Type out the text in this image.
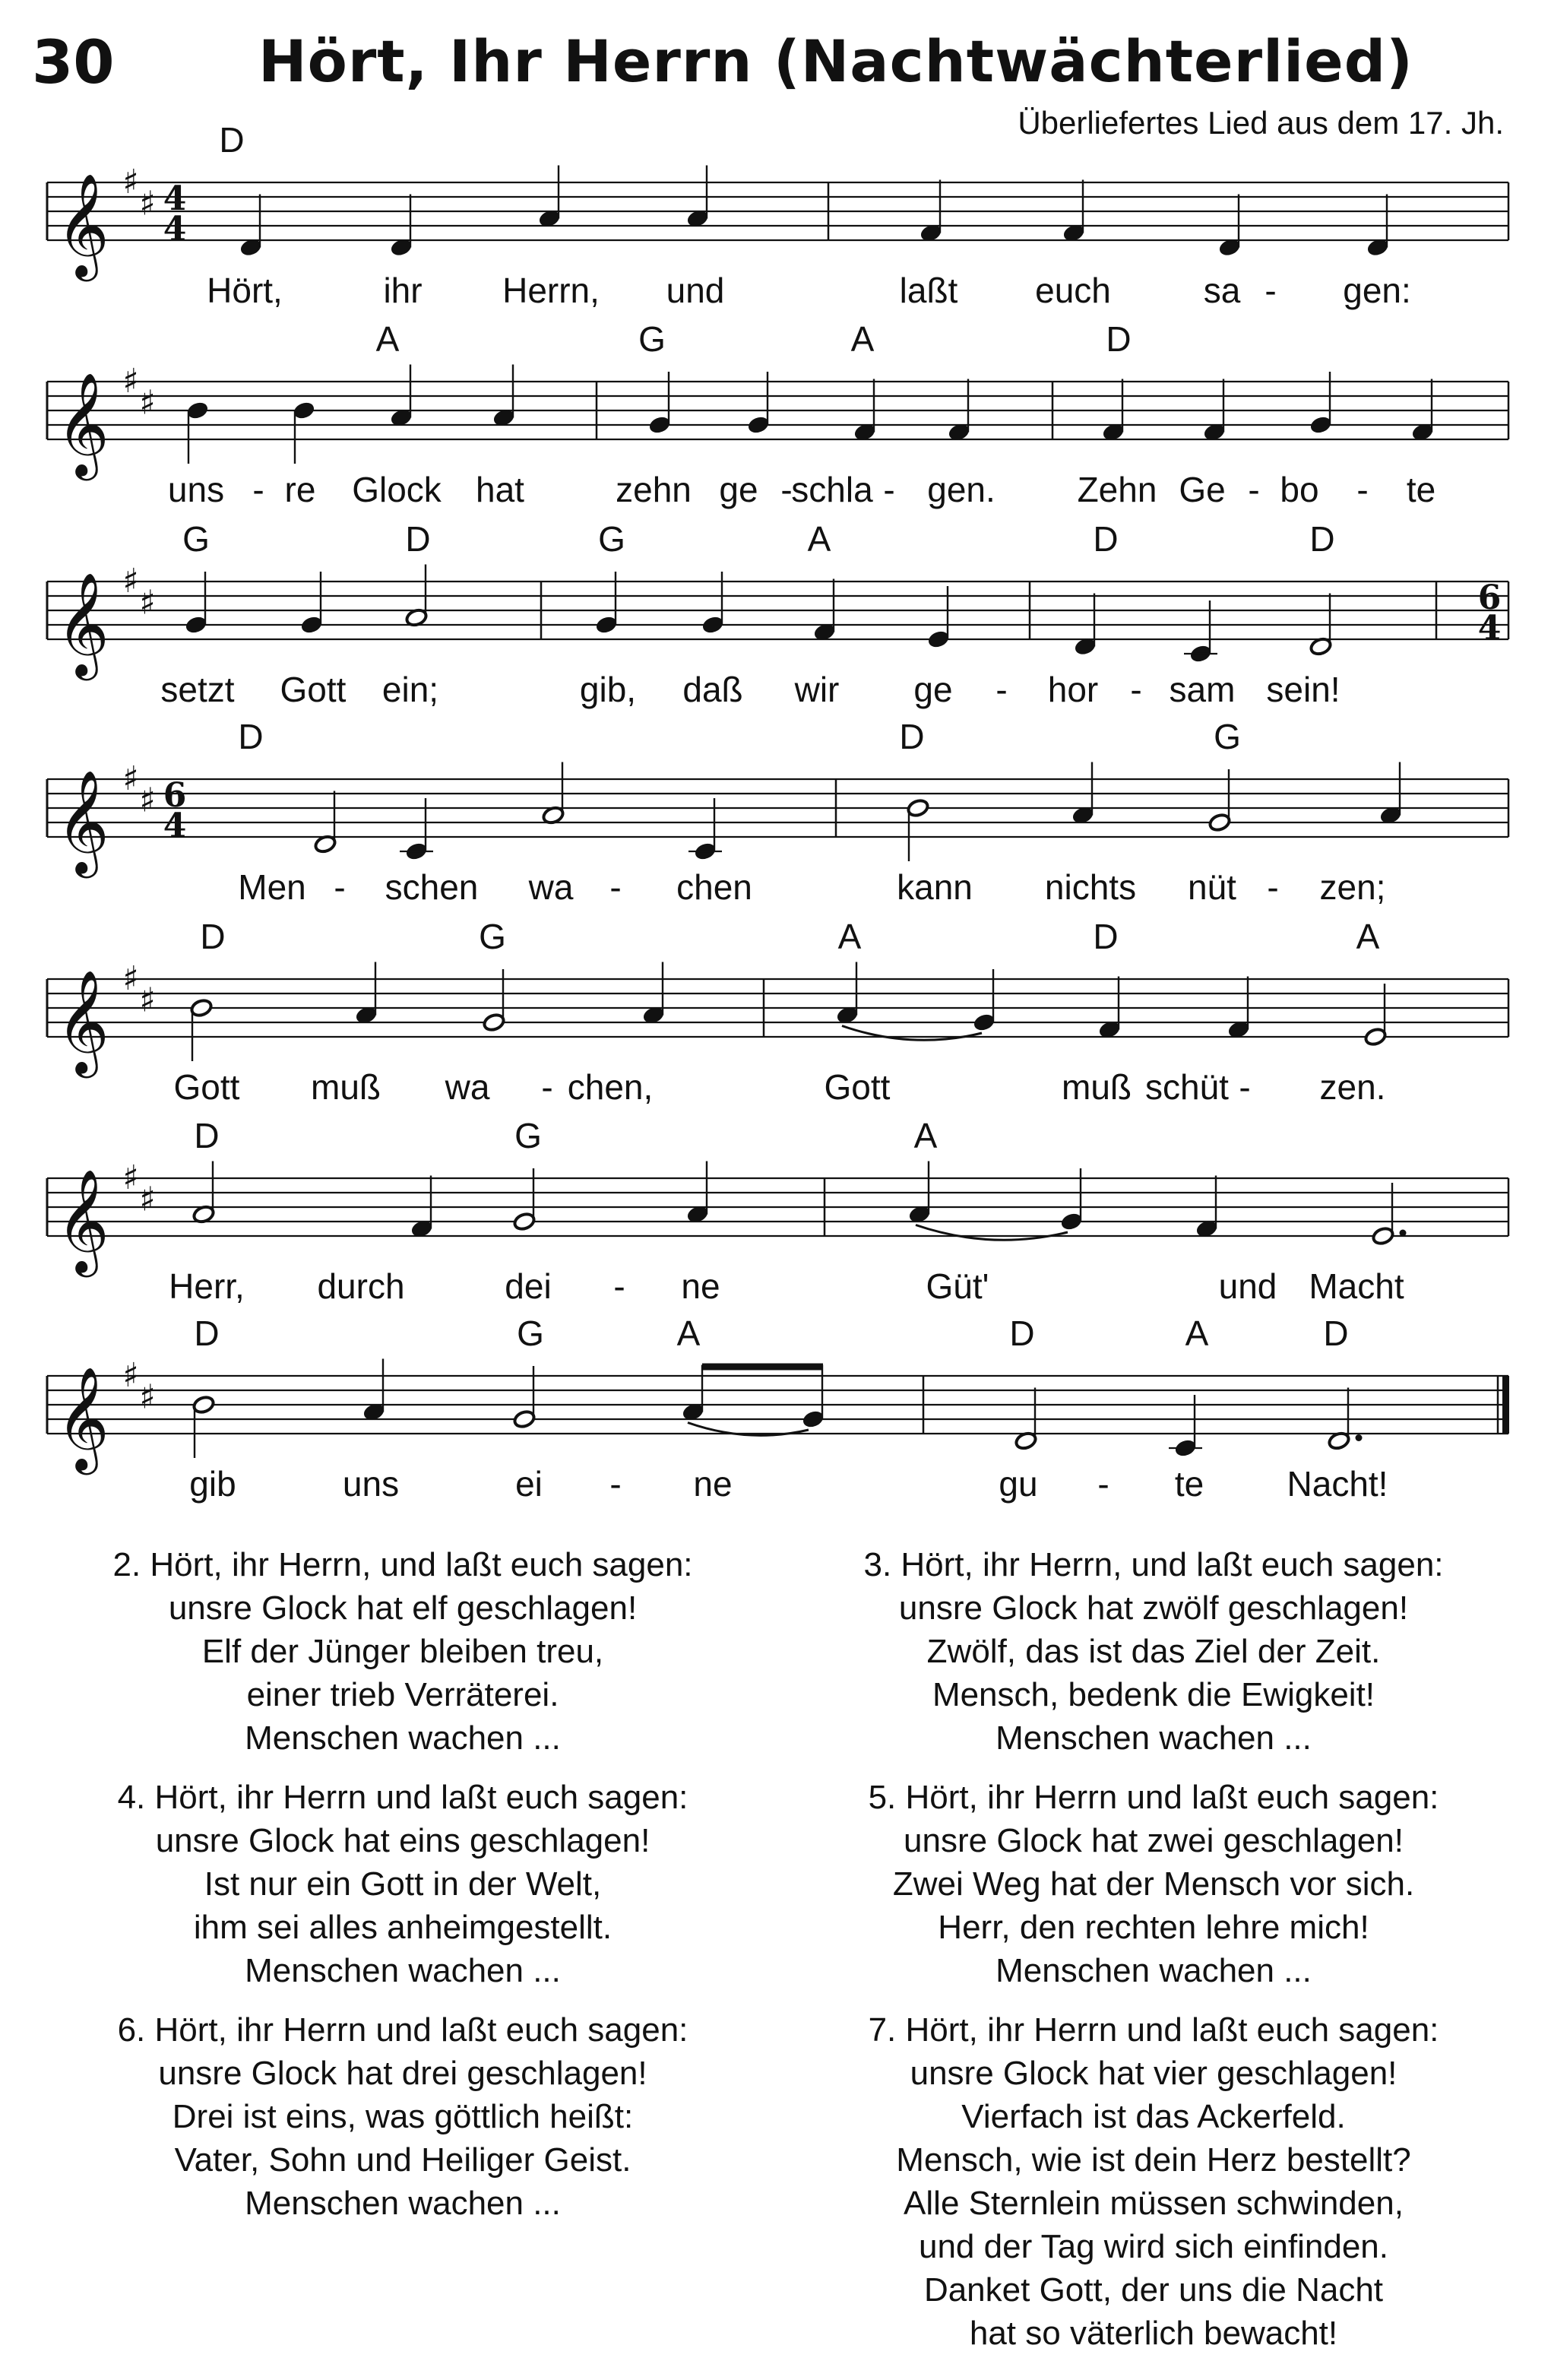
30 Hört, Ihr Herrn (Nachtwächterlied)
Überliefertes Lied aus dem 17. Jh.
𝄞 ♯
♯ 4
4
D
Hört,	ihr Herrn, und	laßt euch	sa - gen:
𝄞 ♯
♯
A	G	A	D
uns - re Glock hat	zehn ge -
schla - gen. Zehn Ge - bo - te
𝄞 ♯
♯	6
4
G	D	G	A	D	D
setzt Gott ein;	gib, daß wir ge - hor - sam sein!
𝄞 ♯
♯ 6
4
D	D	G
Men - schen wa - chen	kann nichts nüt - zen;
𝄞 ♯
♯
D	G	A	D	A
Gott muß wa - chen,	Gott	muß schüt - zen.
𝄞 ♯
♯
D	G	A
Herr, durch	dei - ne	Güt'	und Macht
𝄞 ♯
♯
D	G	A	D	A	D
gib	uns	ei - ne	gu - te Nacht!
2. Hört, ihr Herrn, und laßt euch sagen:
unsre Glock hat elf geschlagen!
Elf der Jünger bleiben treu,
einer trieb Verräterei.
Menschen wachen ...
3. Hört, ihr Herrn, und laßt euch sagen:
unsre Glock hat zwölf geschlagen!
Zwölf, das ist das Ziel der Zeit.
Mensch, bedenk die Ewigkeit!
Menschen wachen ...
4. Hört, ihr Herrn und laßt euch sagen:
unsre Glock hat eins geschlagen!
Ist nur ein Gott in der Welt,
ihm sei alles anheimgestellt.
Menschen wachen ...
5. Hört, ihr Herrn und laßt euch sagen:
unsre Glock hat zwei geschlagen!
Zwei Weg hat der Mensch vor sich.
Herr, den rechten lehre mich!
Menschen wachen ...
6. Hört, ihr Herrn und laßt euch sagen:
unsre Glock hat drei geschlagen!
Drei ist eins, was göttlich heißt:
Vater, Sohn und Heiliger Geist.
Menschen wachen ...
7. Hört, ihr Herrn und laßt euch sagen:
unsre Glock hat vier geschlagen!
Vierfach ist das Ackerfeld.
Mensch, wie ist dein Herz bestellt?
Alle Sternlein müssen schwinden,
und der Tag wird sich einfinden.
Danket Gott, der uns die Nacht
hat so väterlich bewacht!
